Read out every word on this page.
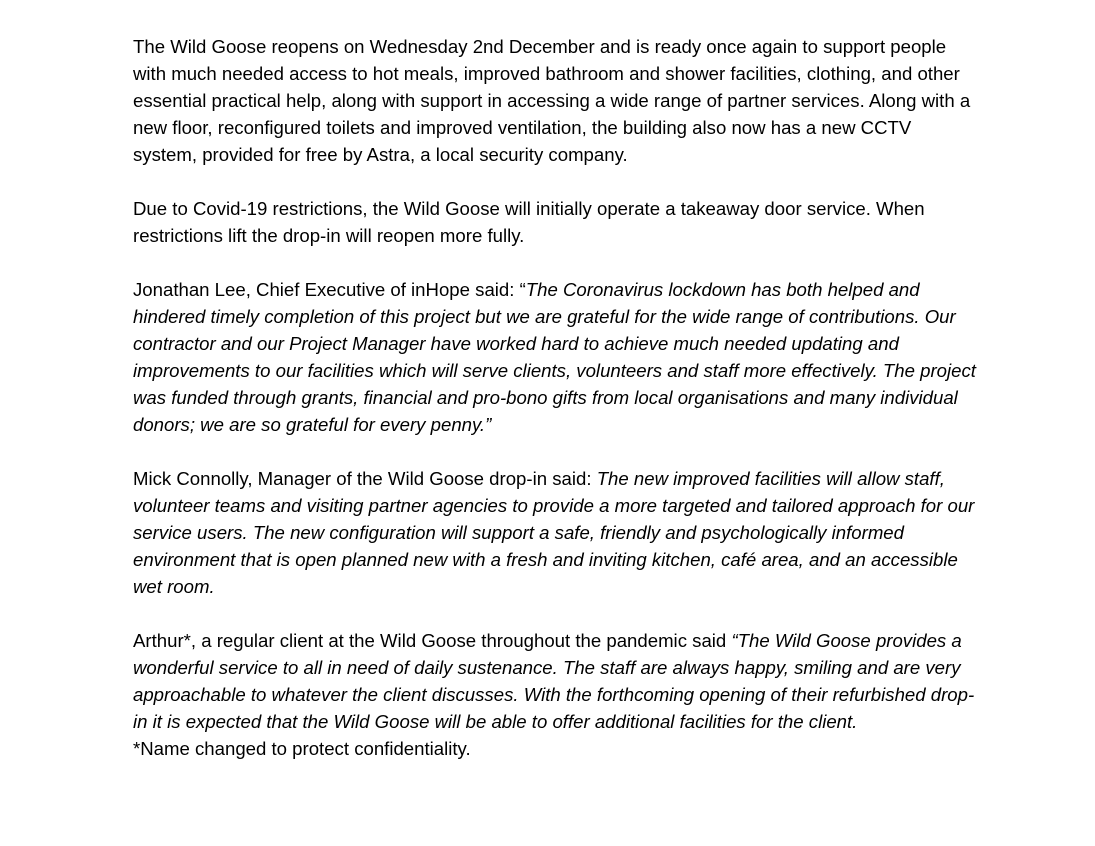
The Wild Goose reopens on Wednesday 2nd December and is ready once again to support people with much needed access to hot meals, improved bathroom and shower facilities, clothing, and other essential practical help, along with support in accessing a wide range of partner services. Along with a new floor, reconfigured toilets and improved ventilation, the building also now has a new CCTV system, provided for free by Astra, a local security company.

Due to Covid-19 restrictions, the Wild Goose will initially operate a takeaway door service. When restrictions lift the drop-in will reopen more fully.

Jonathan Lee, Chief Executive of inHope said: “The Coronavirus lockdown has both helped and hindered timely completion of this project but we are grateful for the wide range of contributions. Our contractor and our Project Manager have worked hard to achieve much needed updating and improvements to our facilities which will serve clients, volunteers and staff more effectively. The project was funded through grants, financial and pro-bono gifts from local organisations and many individual donors; we are so grateful for every penny.”

Mick Connolly, Manager of the Wild Goose drop-in said: The new improved facilities will allow staff, volunteer teams and visiting partner agencies to provide a more targeted and tailored approach for our service users. The new configuration will support a safe, friendly and psychologically informed environment that is open planned new with a fresh and inviting kitchen, café area, and an accessible wet room.

Arthur*, a regular client at the Wild Goose throughout the pandemic said “The Wild Goose provides a wonderful service to all in need of daily sustenance. The staff are always happy, smiling and are very approachable to whatever the client discusses. With the forthcoming opening of their refurbished drop-in it is expected that the Wild Goose will be able to offer additional facilities for the client.

*Name changed to protect confidentiality.
